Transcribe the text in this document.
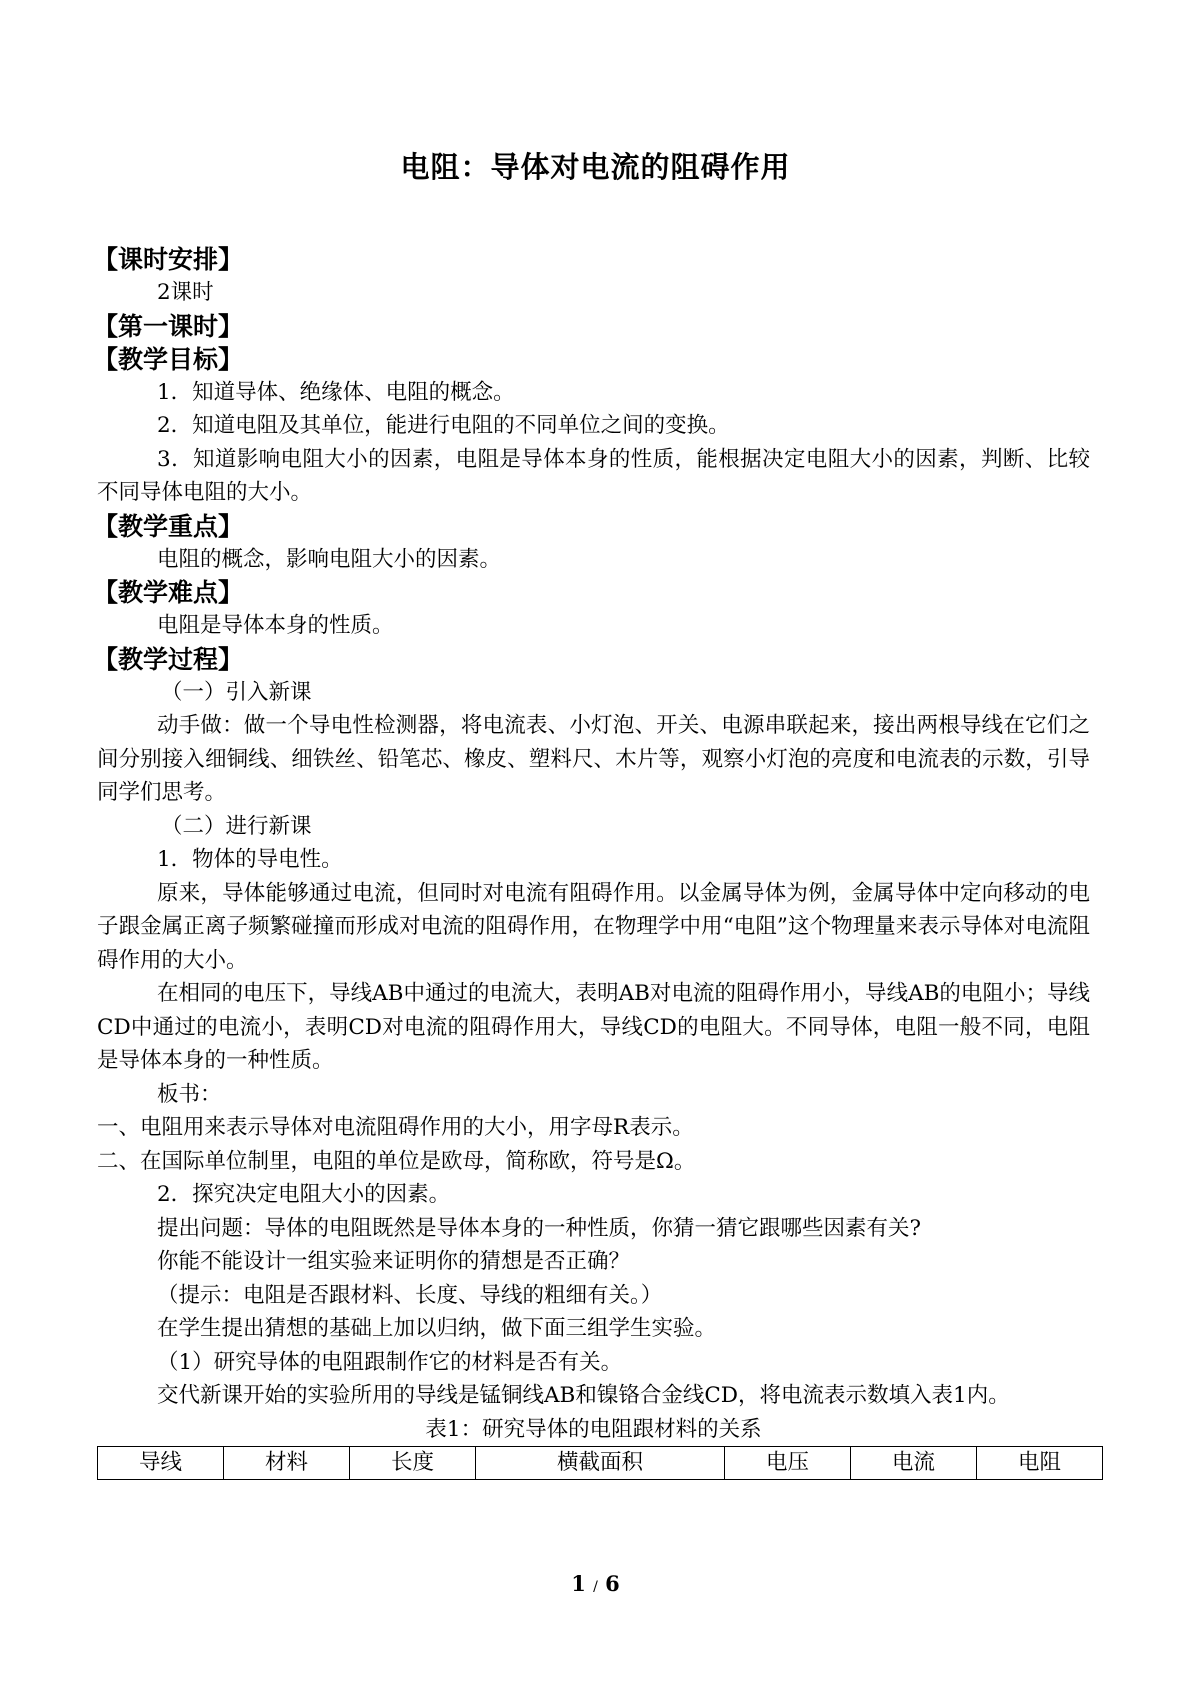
电阻：导体对电流的阻碍作用
【课时安排】
2课时
【第一课时】
【教学目标】
1．知道导体、绝缘体、电阻的概念。
2．知道电阻及其单位，能进行电阻的不同单位之间的变换。
3．知道影响电阻大小的因素，电阻是导体本身的性质，能根据决定电阻大小的因素，判断、比较不同导体电阻的大小。
【教学重点】
电阻的概念，影响电阻大小的因素。
【教学难点】
电阻是导体本身的性质。
【教学过程】
（一）引入新课
动手做：做一个导电性检测器，将电流表、小灯泡、开关、电源串联起来，接出两根导线在它们之间分别接入细铜线、细铁丝、铅笔芯、橡皮、塑料尺、木片等，观察小灯泡的亮度和电流表的示数，引导同学们思考。
（二）进行新课
1．物体的导电性。
原来，导体能够通过电流，但同时对电流有阻碍作用。以金属导体为例，金属导体中定向移动的电子跟金属正离子频繁碰撞而形成对电流的阻碍作用，在物理学中用“电阻”这个物理量来表示导体对电流阻碍作用的大小。
在相同的电压下，导线AB中通过的电流大，表明AB对电流的阻碍作用小，导线AB的电阻小；导线CD中通过的电流小，表明CD对电流的阻碍作用大，导线CD的电阻大。不同导体，电阻一般不同，电阻是导体本身的一种性质。
板书：
一、电阻用来表示导体对电流阻碍作用的大小，用字母R表示。
二、在国际单位制里，电阻的单位是欧母，简称欧，符号是Ω。
2．探究决定电阻大小的因素。
提出问题：导体的电阻既然是导体本身的一种性质，你猜一猜它跟哪些因素有关?
你能不能设计一组实验来证明你的猜想是否正确？
（提示：电阻是否跟材料、长度、导线的粗细有关。）
在学生提出猜想的基础上加以归纳，做下面三组学生实验。
（1）研究导体的电阻跟制作它的材料是否有关。
交代新课开始的实验所用的导线是锰铜线AB和镍铬合金线CD，将电流表示数填入表1内。
表1：研究导体的电阻跟材料的关系
导线	材料	长度	横截面积	电压	电流	电阻
1 / 6
